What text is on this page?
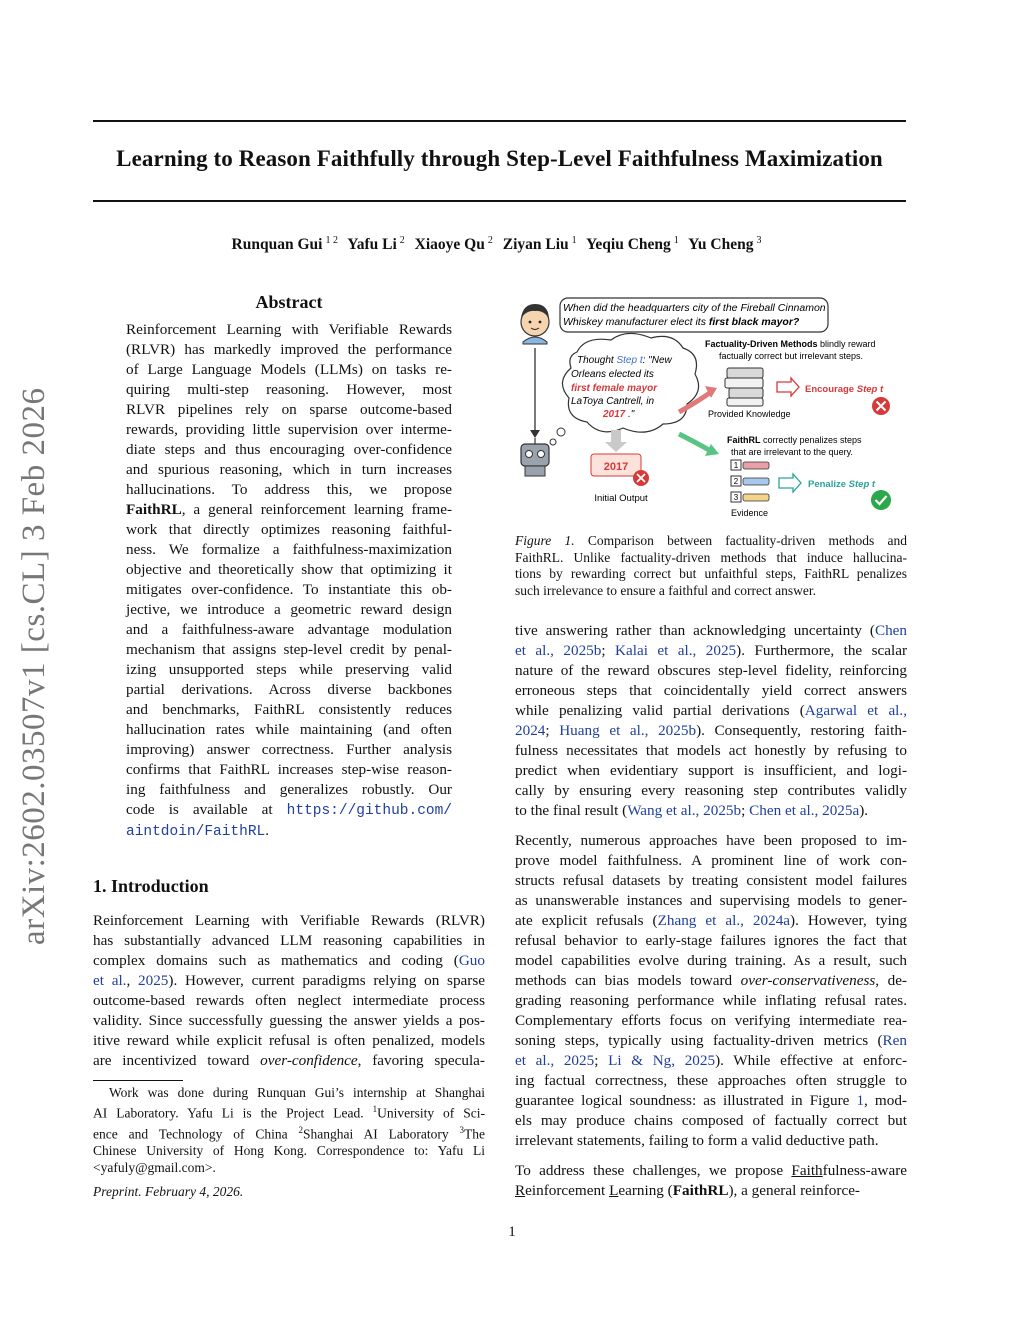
arXiv:2602.03507v1 [cs.CL] 3 Feb 2026
Learning to Reason Faithfully through Step-Level Faithfulness Maximization
Runquan Gui $^{1 2}$ Yafu Li $^2$ Xiaoye Qu $^2$ Ziyan Liu $^1$ Yeqiu Cheng $^1$ Yu Cheng $^3$
Abstract
Reinforcement Learning with Verifiable Rewards
(RLVR) has markedly improved the performance
of Large Language Models (LLMs) on tasks re-
quiring multi-step reasoning. However, most
RLVR pipelines rely on sparse outcome-based
rewards, providing little supervision over interme-
diate steps and thus encouraging over-confidence
and spurious reasoning, which in turn increases
hallucinations. To address this, we propose
FaithRL, a general reinforcement learning frame-
work that directly optimizes reasoning faithful-
ness. We formalize a faithfulness-maximization
objective and theoretically show that optimizing it
mitigates over-confidence. To instantiate this ob-
jective, we introduce a geometric reward design
and a faithfulness-aware advantage modulation
mechanism that assigns step-level credit by penal-
izing unsupported steps while preserving valid
partial derivations. Across diverse backbones
and benchmarks, FaithRL consistently reduces
hallucination rates while maintaining (and often
improving) answer correctness. Further analysis
confirms that FaithRL increases step-wise reason-
ing faithfulness and generalizes robustly. Our
code is available at https://github.com/
aintdoin/FaithRL.
1. Introduction
Reinforcement Learning with Verifiable Rewards (RLVR)
has substantially advanced LLM reasoning capabilities in
complex domains such as mathematics and coding (Guo
et al., 2025). However, current paradigms relying on sparse
outcome-based rewards often neglect intermediate process
validity. Since successfully guessing the answer yields a pos-
itive reward while explicit refusal is often penalized, models
are incentivized toward over-confidence, favoring specula-
Work was done during Runquan Gui’s internship at Shanghai
AI Laboratory. Yafu Li is the Project Lead. $^1$University of Sci-
ence and Technology of China $^2$Shanghai AI Laboratory $^3$The
Chinese University of Hong Kong. Correspondence to: Yafu Li
<yafuly@gmail.com>.
Preprint. February 4, 2026.
1
When did the headquarters city of the Fireball Cinnamon
Whiskey manufacturer elect its first black mayor?
Thought Step t: "New
Orleans elected its
first female mayor
LaToya Cantrell, in
2017 ."
2017
Initial Output
Factuality-Driven Methods blindly reward
factually correct but irrelevant steps.
Provided Knowledge
Encourage Step t
FaithRL correctly penalizes steps
that are irrelevant to the query.
1
2
3
Evidence
Penalize Step t
Figure 1. Comparison between factuality-driven methods and
FaithRL. Unlike factuality-driven methods that induce hallucina-
tions by rewarding correct but unfaithful steps, FaithRL penalizes
such irrelevance to ensure a faithful and correct answer.
tive answering rather than acknowledging uncertainty (Chen
et al., 2025b; Kalai et al., 2025). Furthermore, the scalar
nature of the reward obscures step-level fidelity, reinforcing
erroneous steps that coincidentally yield correct answers
while penalizing valid partial derivations (Agarwal et al.,
2024; Huang et al., 2025b). Consequently, restoring faith-
fulness necessitates that models act honestly by refusing to
predict when evidentiary support is insufficient, and logi-
cally by ensuring every reasoning step contributes validly
to the final result (Wang et al., 2025b; Chen et al., 2025a).
Recently, numerous approaches have been proposed to im-
prove model faithfulness. A prominent line of work con-
structs refusal datasets by treating consistent model failures
as unanswerable instances and supervising models to gener-
ate explicit refusals (Zhang et al., 2024a). However, tying
refusal behavior to early-stage failures ignores the fact that
model capabilities evolve during training. As a result, such
methods can bias models toward over-conservativeness, de-
grading reasoning performance while inflating refusal rates.
Complementary efforts focus on verifying intermediate rea-
soning steps, typically using factuality-driven metrics (Ren
et al., 2025; Li & Ng, 2025). While effective at enforc-
ing factual correctness, these approaches often struggle to
guarantee logical soundness: as illustrated in Figure 1, mod-
els may produce chains composed of factually correct but
irrelevant statements, failing to form a valid deductive path.
To address these challenges, we propose Faithfulness-aware
Reinforcement Learning (FaithRL), a general reinforce-
